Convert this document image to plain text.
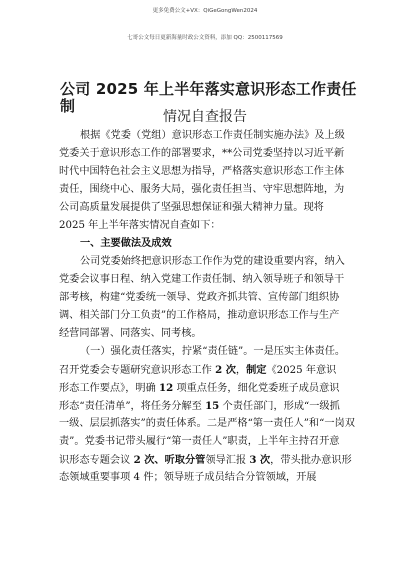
更多免费公文+VX：QiGeGongWen2024
七哥公文每日更新海量时政公文资料，添加 QQ：2500117569
公司 2025 年上半年落实意识形态工作责任
制
情况自查报告
根据《党委（党组）意识形态工作责任制实施办法》及上级
党委关于意识形态工作的部署要求，**公司党委坚持以习近平新
时代中国特色社会主义思想为指导，严格落实意识形态工作主体
责任，围绕中心、服务大局，强化责任担当、守牢思想阵地，为
公司高质量发展提供了坚强思想保证和强大精神力量。现将
2025 年上半年落实情况自查如下：
一、主要做法及成效
公司党委始终把意识形态工作作为党的建设重要内容，纳入
党委会议事日程、纳入党建工作责任制、纳入领导班子和领导干
部考核，构建“党委统一领导、党政齐抓共管、宣传部门组织协
调、相关部门分工负责”的工作格局，推动意识形态工作与生产
经营同部署、同落实、同考核。
（一）强化责任落实，拧紧“责任链”。一是压实主体责任。
召开党委会专题研究意识形态工作 2 次，制定《2025 年意识
形态工作要点》，明确 12 项重点任务，细化党委班子成员意识
形态“责任清单”，将任务分解至 15 个责任部门，形成“一级抓
一级、层层抓落实”的责任体系。二是严格“第一责任人”和“一岗双
责”。党委书记带头履行“第一责任人”职责，上半年主持召开意
识形态专题会议 2 次、听取分管领导汇报 3 次，带头批办意识形
态领域重要事项 4 件；领导班子成员结合分管领域，开展
